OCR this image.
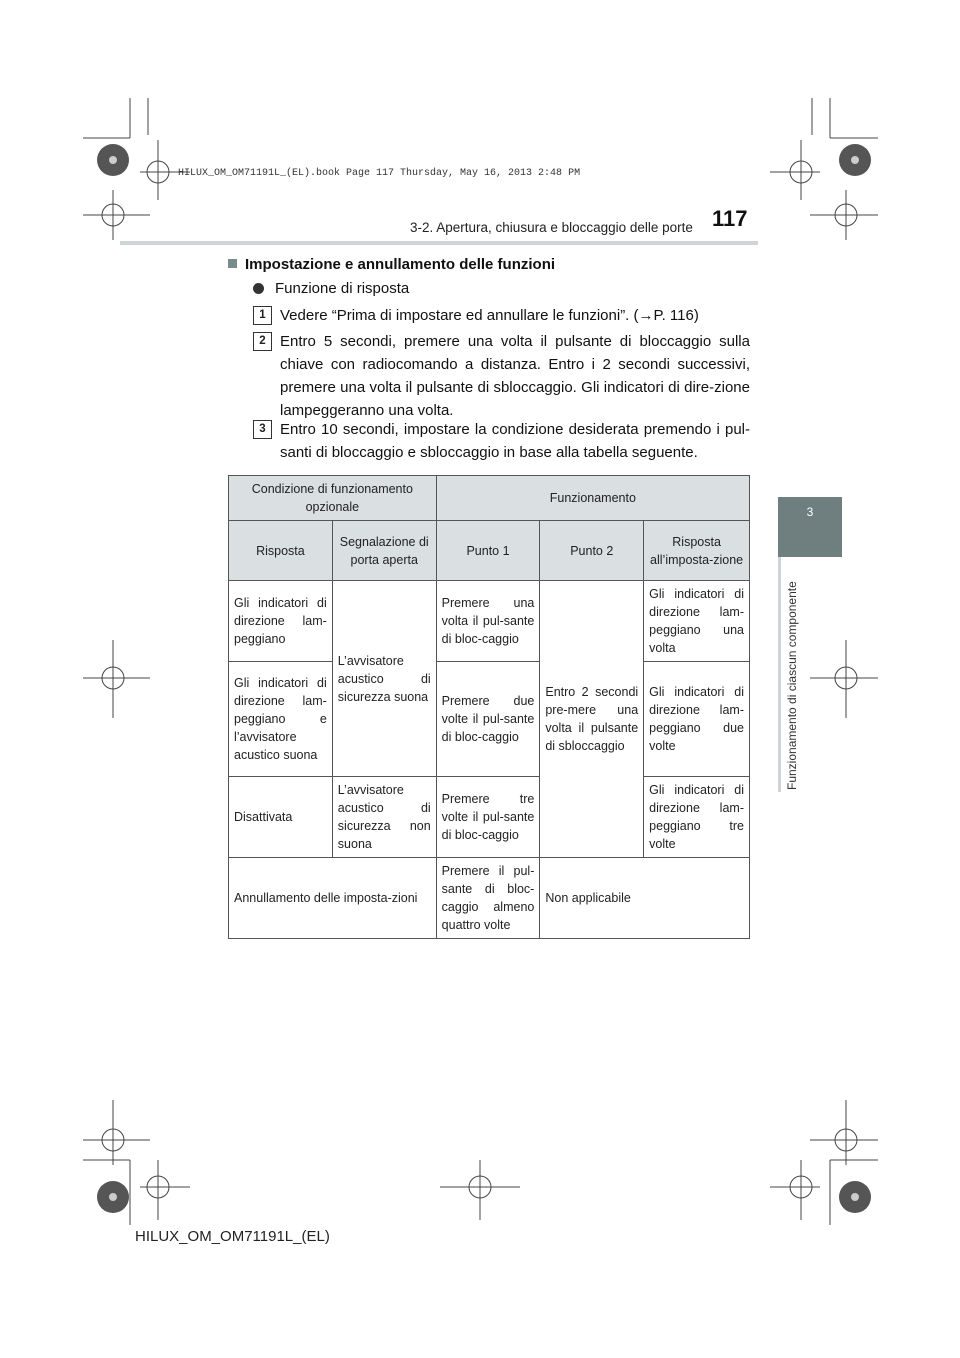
HILUX_OM_OM71191L_(EL).book Page 117 Thursday, May 16, 2013 2:48 PM
117
3-2. Apertura, chiusura e bloccaggio delle porte
3
Funzionamento di ciascun componente
Impostazione e annullamento delle funzioni
Funzione di risposta
1 Vedere “Prima di impostare ed annullare le funzioni”. (→P. 116)
2 Entro 5 secondi, premere una volta il pulsante di bloccaggio sulla chiave con radiocomando a distanza. Entro i 2 secondi successivi, premere una volta il pulsante di sbloccaggio. Gli indicatori di dire-zione lampeggeranno una volta.
3 Entro 10 secondi, impostare la condizione desiderata premendo i pul-santi di bloccaggio e sbloccaggio in base alla tabella seguente.
Condizione di funzionamento opzionale		Funzionamento		
Risposta	Segnalazione di porta aperta	Punto 1	Punto 2	Risposta all’imposta-zione
Gli indicatori di direzione lam-peggiano	L’avvisatore acustico di sicurezza suona	Premere una volta il pul-sante di bloc-caggio	Entro 2 secondi pre-mere una volta il pulsante di sbloccaggio	Gli indicatori di direzione lam-peggiano una volta
Gli indicatori di direzione lam-peggiano e l’avvisatore acustico suona		Premere due volte il pul-sante di bloc-caggio		Gli indicatori di direzione lam-peggiano due volte
Disattivata	L’avvisatore acustico di sicurezza non suona	Premere tre volte il pul-sante di bloc-caggio		Gli indicatori di direzione lam-peggiano tre volte
Annullamento delle imposta-zioni		Premere il pul-sante di bloc-caggio almeno quattro volte	Non applicabile	
HILUX_OM_OM71191L_(EL)
